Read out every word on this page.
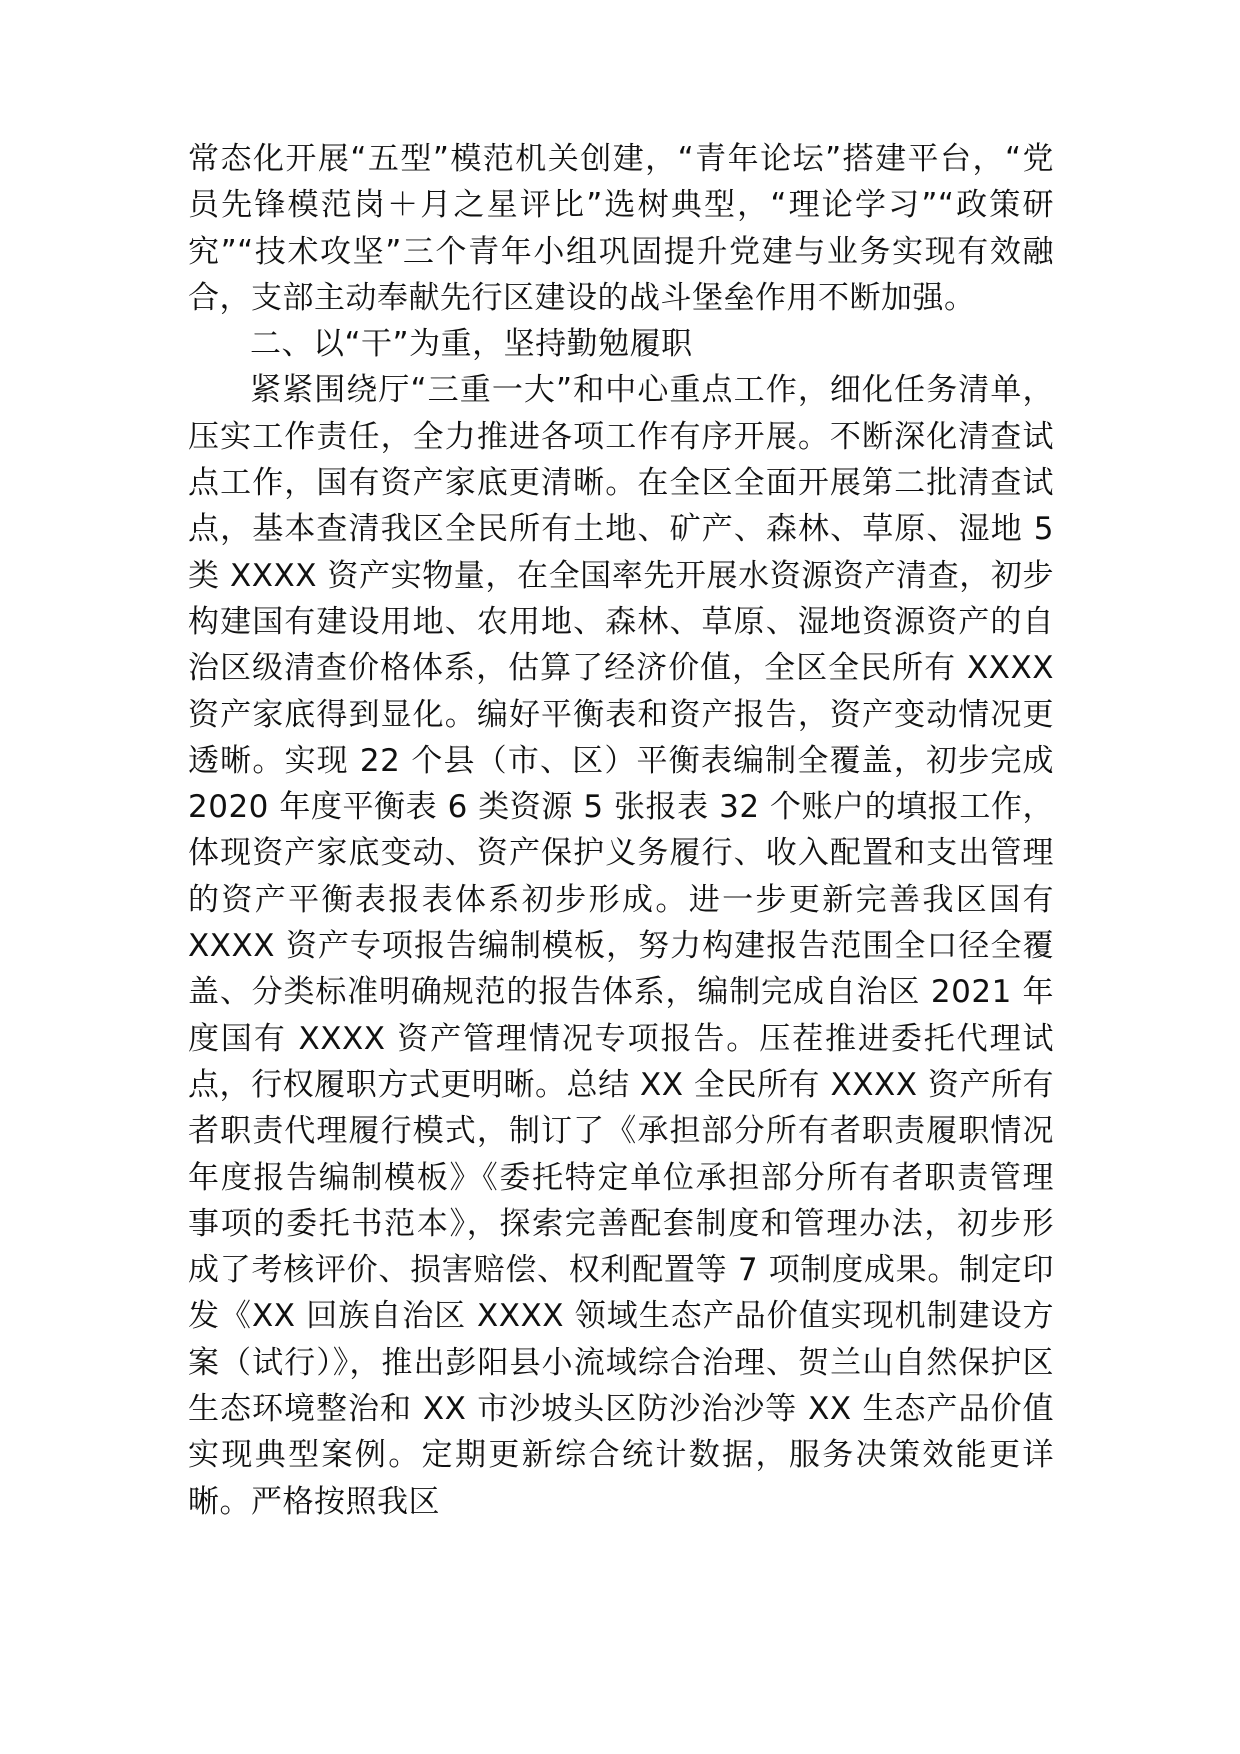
常态化开展“五型”模范机关创建，“青年论坛”搭建平台，“党员先锋模范岗＋月之星评比”选树典型，“理论学习”“政策研究”“技术攻坚”三个青年小组巩固提升党建与业务实现有效融合，支部主动奉献先行区建设的战斗堡垒作用不断加强。

二、以“干”为重，坚持勤勉履职

紧紧围绕厅“三重一大”和中心重点工作，细化任务清单，压实工作责任，全力推进各项工作有序开展。不断深化清查试点工作，国有资产家底更清晰。在全区全面开展第二批清查试点，基本查清我区全民所有土地、矿产、森林、草原、湿地 5 类 XXXX 资产实物量，在全国率先开展水资源资产清查，初步构建国有建设用地、农用地、森林、草原、湿地资源资产的自治区级清查价格体系，估算了经济价值，全区全民所有 XXXX 资产家底得到显化。编好平衡表和资产报告，资产变动情况更透晰。实现 22 个县（市、区）平衡表编制全覆盖，初步完成 2020 年度平衡表 6 类资源 5 张报表 32 个账户的填报工作，体现资产家底变动、资产保护义务履行、收入配置和支出管理的资产平衡表报表体系初步形成。进一步更新完善我区国有 XXXX 资产专项报告编制模板，努力构建报告范围全口径全覆盖、分类标准明确规范的报告体系，编制完成自治区 2021 年度国有 XXXX 资产管理情况专项报告。压茬推进委托代理试点，行权履职方式更明晰。总结 XX 全民所有 XXXX 资产所有者职责代理履行模式，制订了《承担部分所有者职责履职情况年度报告编制模板》《委托特定单位承担部分所有者职责管理事项的委托书范本》，探索完善配套制度和管理办法，初步形成了考核评价、损害赔偿、权利配置等 7 项制度成果。制定印发《XX 回族自治区 XXXX 领域生态产品价值实现机制建设方案（试行）》，推出彭阳县小流域综合治理、贺兰山自然保护区生态环境整治和 XX 市沙坡头区防沙治沙等 XX 生态产品价值实现典型案例。定期更新综合统计数据，服务决策效能更详晰。严格按照我区
